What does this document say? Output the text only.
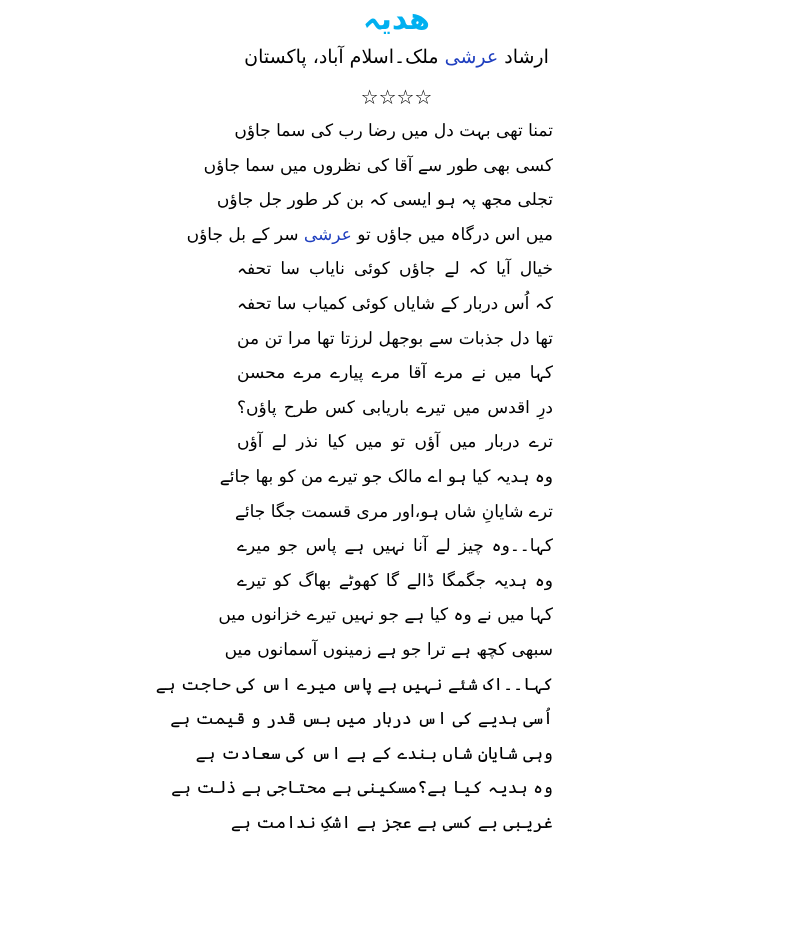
ھدیہ
ارشاد عرشی ملک۔اسلام آباد، پاکستان
☆☆☆☆
تمنا تھی بہت دل میں رضا رب کی سما جاؤں
کسی بھی طور سے آقا کی نظروں میں سما جاؤں
تجلی مجھ پہ ہو ایسی کہ بن کر طور جل جاؤں
میں اس درگاہ میں جاؤں تو عرشی سر کے بل جاؤں
خیال آیا کہ لے جاؤں کوئی نایاب سا تحفہ
کہ اُس دربار کے شایاں کوئی کمیاب سا تحفہ
تھا دل جذبات سے بوجھل لرزتا تھا مرا تن من
کہا میں نے مرے آقا مرے پیارے مرے محسن
درِ اقدس میں تیرے باریابی کس طرح پاؤں؟
ترے دربار میں آؤں تو میں کیا نذر لے آؤں
وہ ہدیہ کیا ہو اے مالک جو تیرے من کو بھا جائے
ترے شایانِ شاں ہو،اور مری قسمت جگا جائے
کہا۔۔وہ چیز لے آنا نہیں ہے پاس جو میرے
وہ ہدیہ جگمگا ڈالے گا کھوٹے بھاگ کو تیرے
کہا میں نے وہ کیا ہے جو نہیں تیرے خزانوں میں
سبھی کچھ ہے ترا جو ہے زمینوں آسمانوں میں
کہا۔۔اک شئے نہیں ہے پاس میرے اس کی حاجت ہے
اُسی ہدیے کی اس دربار میں بس قدر و قیمت ہے
وہی شایانِ شاں بندے کے ہے اس کی سعادت ہے
وہ ہدیہ کیا ہے؟مسکینی ہے محتاجی ہے ذلت ہے
غریبی بے کسی ہے عجز ہے اشکِ ندامت ہے
